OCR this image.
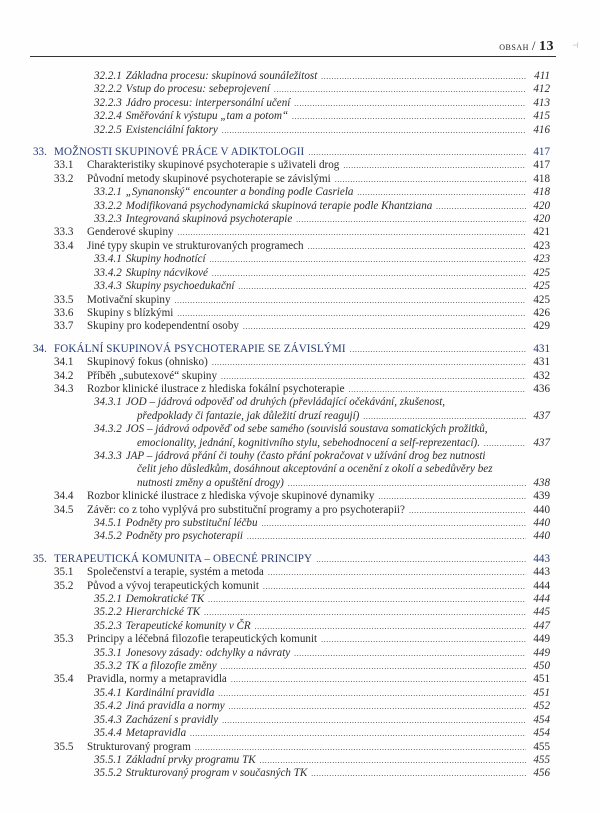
obsah / 13 ⊣
32.2.1 Základna procesu: skupinová sounáležitost .....	411
32.2.2 Vstup do procesu: sebeprojevení .....	412
32.2.3 Jádro procesu: interpersonální učení .....	413
32.2.4 Směřování k výstupu „tam a potom“ .....	415
32.2.5 Existenciální faktory .....	416
33. MOŽNOSTI SKUPINOVÉ PRÁCE V ADIKTOLOGII .....	417
33.1	Charakteristiky skupinové psychoterapie s uživateli drog .....	417
33.2	Původní metody skupinové psychoterapie se závislými .....	418
33.2.1 „Synanonský“ encounter a bonding podle Casriela .....	418
33.2.2 Modifikovaná psychodynamická skupinová terapie podle Khantziana .....	420
33.2.3 Integrovaná skupinová psychoterapie .....	420
33.3	Genderové skupiny .....	421
33.4	Jiné typy skupin ve strukturovaných programech .....	423
33.4.1 Skupiny hodnotící .....	423
33.4.2 Skupiny nácvikové .....	425
33.4.3 Skupiny psychoedukační .....	425
33.5	Motivační skupiny .....	425
33.6	Skupiny s blízkými .....	426
33.7	Skupiny pro kodependentní osoby .....	429
34. FOKÁLNÍ SKUPINOVÁ PSYCHOTERAPIE SE ZÁVISLÝMI .....	431
34.1	Skupinový fokus (ohnisko) .....	431
34.2	Příběh „subutexové“ skupiny .....	432
34.3	Rozbor klinické ilustrace z hlediska fokální psychoterapie .....	436
34.3.1 JOD – jádrová odpověď od druhých (převládající očekávání, zkušenost,
předpoklady či fantazie, jak důležití druzí reagují) .....	437
34.3.2 JOS – jádrová odpověď od sebe samého (souvislá soustava somatických prožitků,
emocionality, jednání, kognitivního stylu, sebehodnocení a self-reprezentací). .....	437
34.3.3 JAP – jádrová přání či touhy (často přání pokračovat v užívání drog bez nutnosti
čelit jeho důsledkům, dosáhnout akceptování a ocenění z okolí a sebedůvěry bez
nutnosti změny a opuštění drogy) .....	438
34.4	Rozbor klinické ilustrace z hlediska vývoje skupinové dynamiky .....	439
34.5	Závěr: co z toho vyplývá pro substituční programy a pro psychoterapii? .....	440
34.5.1 Podněty pro substituční léčbu .....	440
34.5.2 Podněty pro psychoterapii .....	440
35. TERAPEUTICKÁ KOMUNITA – OBECNÉ PRINCIPY .....	443
35.1	Společenství a terapie, systém a metoda .....	443
35.2	Původ a vývoj terapeutických komunit .....	444
35.2.1 Demokratické TK .....	444
35.2.2 Hierarchické TK .....	445
35.2.3 Terapeutické komunity v ČR .....	447
35.3	Principy a léčebná filozofie terapeutických komunit .....	449
35.3.1 Jonesovy zásady: odchylky a návraty .....	449
35.3.2 TK a filozofie změny .....	450
35.4	Pravidla, normy a metapravidla .....	451
35.4.1 Kardinální pravidla .....	451
35.4.2 Jiná pravidla a normy .....	452
35.4.3 Zacházení s pravidly .....	454
35.4.4 Metapravidla .....	454
35.5	Strukturovaný program .....	455
35.5.1 Základní prvky programu TK .....	455
35.5.2 Strukturovaný program v současných TK .....	456
